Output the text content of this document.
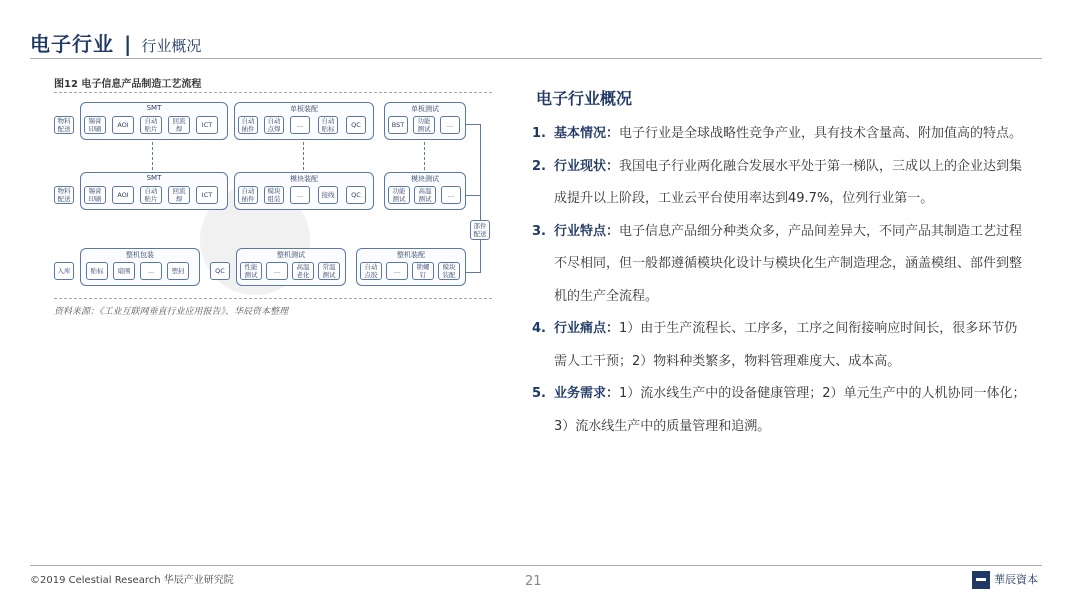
电子行业 | 行业概况
图12 电子信息产品制造工艺流程
物料
配送
SMT
锡膏
印刷	AOI	自动
贴片
回流
焊	ICT
单板装配
自动
插件
自动
点焊	...	自动
贴标	QC
单板测试
BST	功能
测试	...
物料
配送
SMT
锡膏
印刷	AOI	自动
贴片
回流
焊	ICT
模块装配
自动
插件
模块
组装	...	接线	QC
模块测试
功能
测试
高温
测试	...
部件
配送
入库
整机包装
贴标	扇围	...	塑封	QC
整机测试
性能
测试	...	高温
老化
常温
测试
整机装配
自动
点胶	...	锁螺
钉
模块
装配
资料来源：《工业互联网垂直行业应用报告》、华辰资本整理
电子行业概况
1. 基本情况：电子行业是全球战略性竞争产业，具有技术含量高、附加值高的特点。
2. 行业现状：我国电子行业两化融合发展水平处于第一梯队，三成以上的企业达到集成提升以上阶段，工业云平台使用率达到49.7%，位列行业第一。
3. 行业特点：电子信息产品细分种类众多，产品间差异大，不同产品其制造工艺过程不尽相同，但一般都遵循模块化设计与模块化生产制造理念，涵盖模组、部件到整机的生产全流程。
4. 行业痛点：1）由于生产流程长、工序多，工序之间衔接响应时间长，很多环节仍需人工干预；2）物料种类繁多，物料管理难度大、成本高。
5. 业务需求：1）流水线生产中的设备健康管理；2）单元生产中的人机协同一体化；3）流水线生产中的质量管理和追溯。
©2019 Celestial Research 华辰产业研究院	21	華辰資本
